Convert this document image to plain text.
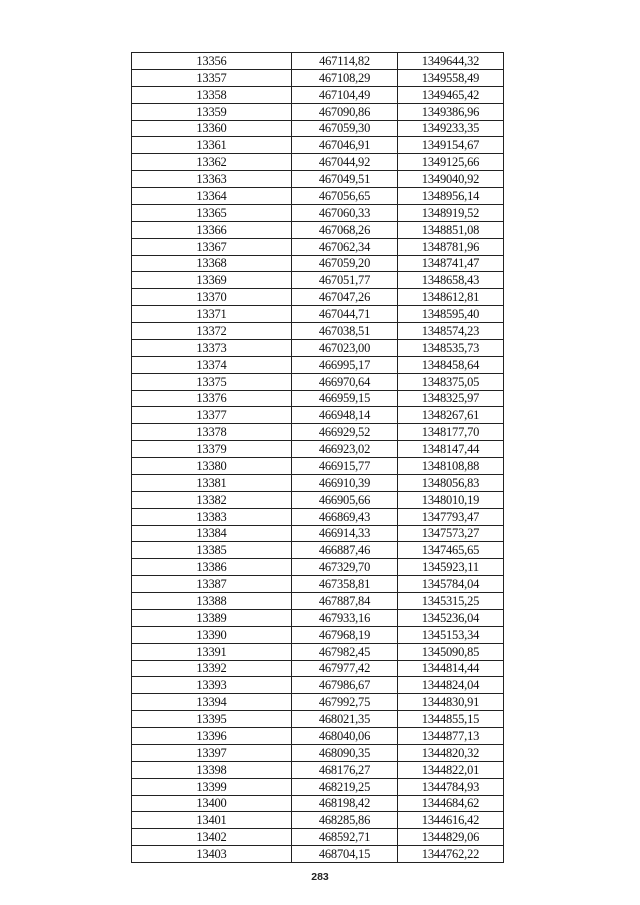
13356	467114,82	1349644,32
13357	467108,29	1349558,49
13358	467104,49	1349465,42
13359	467090,86	1349386,96
13360	467059,30	1349233,35
13361	467046,91	1349154,67
13362	467044,92	1349125,66
13363	467049,51	1349040,92
13364	467056,65	1348956,14
13365	467060,33	1348919,52
13366	467068,26	1348851,08
13367	467062,34	1348781,96
13368	467059,20	1348741,47
13369	467051,77	1348658,43
13370	467047,26	1348612,81
13371	467044,71	1348595,40
13372	467038,51	1348574,23
13373	467023,00	1348535,73
13374	466995,17	1348458,64
13375	466970,64	1348375,05
13376	466959,15	1348325,97
13377	466948,14	1348267,61
13378	466929,52	1348177,70
13379	466923,02	1348147,44
13380	466915,77	1348108,88
13381	466910,39	1348056,83
13382	466905,66	1348010,19
13383	466869,43	1347793,47
13384	466914,33	1347573,27
13385	466887,46	1347465,65
13386	467329,70	1345923,11
13387	467358,81	1345784,04
13388	467887,84	1345315,25
13389	467933,16	1345236,04
13390	467968,19	1345153,34
13391	467982,45	1345090,85
13392	467977,42	1344814,44
13393	467986,67	1344824,04
13394	467992,75	1344830,91
13395	468021,35	1344855,15
13396	468040,06	1344877,13
13397	468090,35	1344820,32
13398	468176,27	1344822,01
13399	468219,25	1344784,93
13400	468198,42	1344684,62
13401	468285,86	1344616,42
13402	468592,71	1344829,06
13403	468704,15	1344762,22
283
